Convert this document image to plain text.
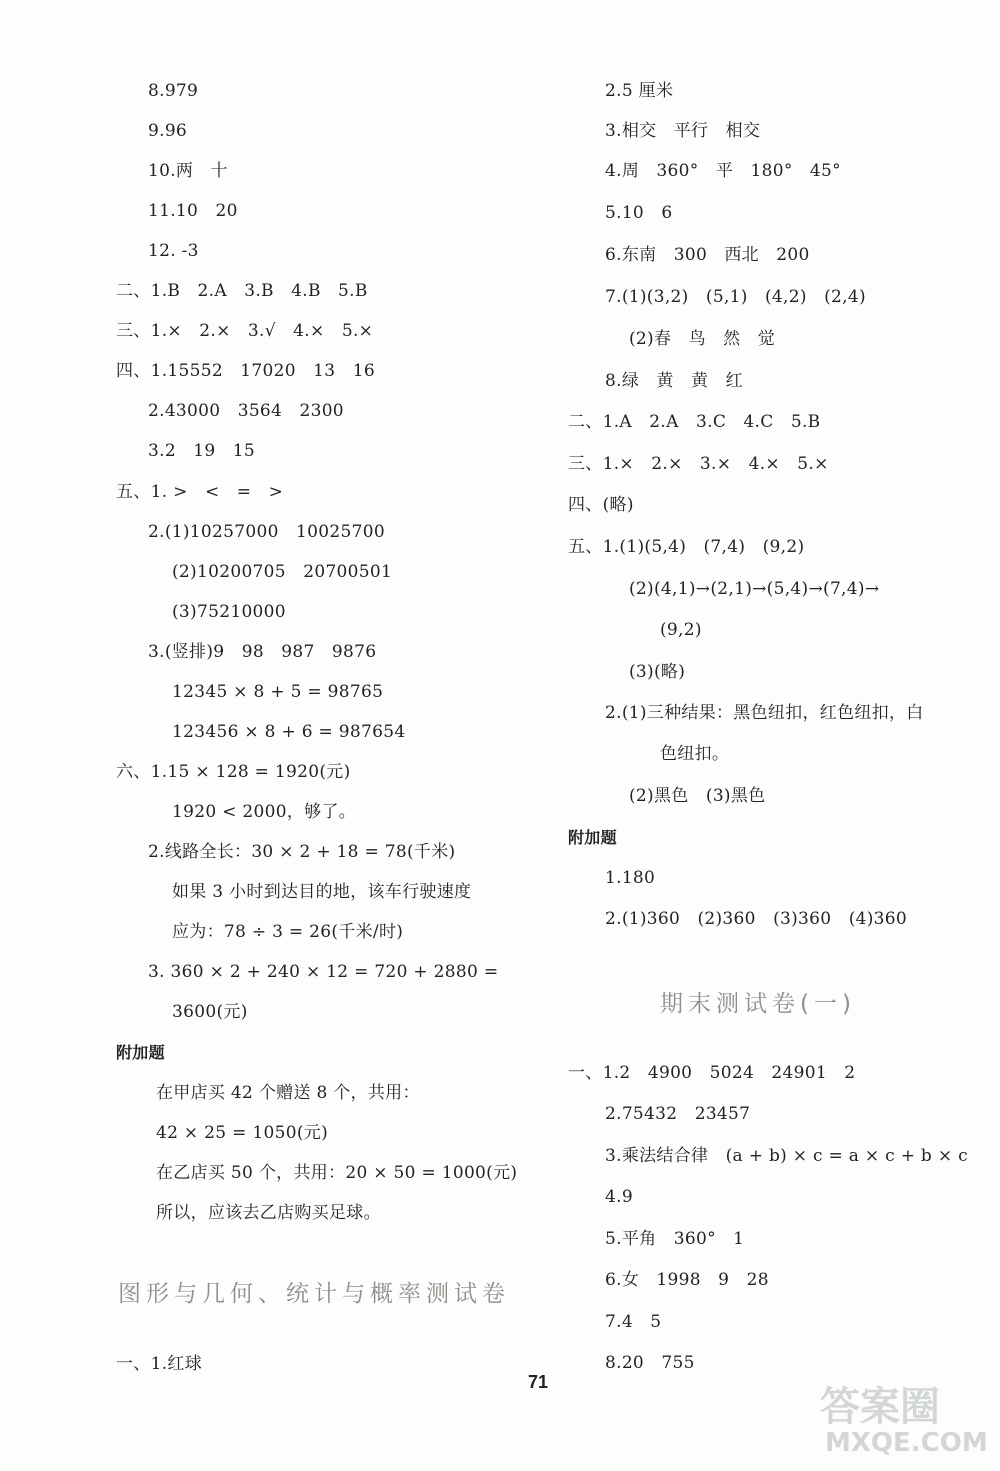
8.979
9.96
10.两　十
11.10　20
12. -3
二、1.B　2.A　3.B　4.B　5.B
三、1.×　2.×　3.√　4.×　5.×
四、1.15552　17020　13　16
2.43000　3564　2300
3.2　19　15
五、1. >　<　=　>
2.(1)10257000　10025700
(2)10200705　20700501
(3)75210000
3.(竖排)9　98　987　9876
12345 × 8 + 5 = 98765
123456 × 8 + 6 = 987654
六、1.15 × 128 = 1920(元)
1920 < 2000，够了。
2.线路全长：30 × 2 + 18 = 78(千米)
如果 3 小时到达目的地，该车行驶速度
应为：78 ÷ 3 = 26(千米/时)
3. 360 × 2 + 240 × 12 = 720 + 2880 =
3600(元)
附加题
在甲店买 42 个赠送 8 个，共用：
42 × 25 = 1050(元)
在乙店买 50 个，共用：20 × 50 = 1000(元)
所以，应该去乙店购买足球。
一、1.红球
2.5 厘米
3.相交　平行　相交
4.周　360°　平　180°　45°
5.10　6
6.东南　300　西北　200
7.(1)(3,2)　(5,1)　(4,2)　(2,4)
(2)春　鸟　然　觉
8.绿　黄　黄　红
二、1.A　2.A　3.C　4.C　5.B
三、1.×　2.×　3.×　4.×　5.×
四、(略)
五、1.(1)(5,4)　(7,4)　(9,2)
(2)(4,1)→(2,1)→(5,4)→(7,4)→
(9,2)
(3)(略)
2.(1)三种结果：黑色纽扣，红色纽扣，白
色纽扣。
(2)黑色　(3)黑色
附加题
1.180
2.(1)360　(2)360　(3)360　(4)360
一、1.2　4900　5024　24901　2
2.75432　23457
3.乘法结合律　(a + b) × c = a × c + b × c
4.9
5.平角　360°　1
6.女　1998　9　28
7.4　5
8.20　755
图形与几何、统计与概率测试卷
期末测试卷(一)
71
答案圈
MXQE.COM
